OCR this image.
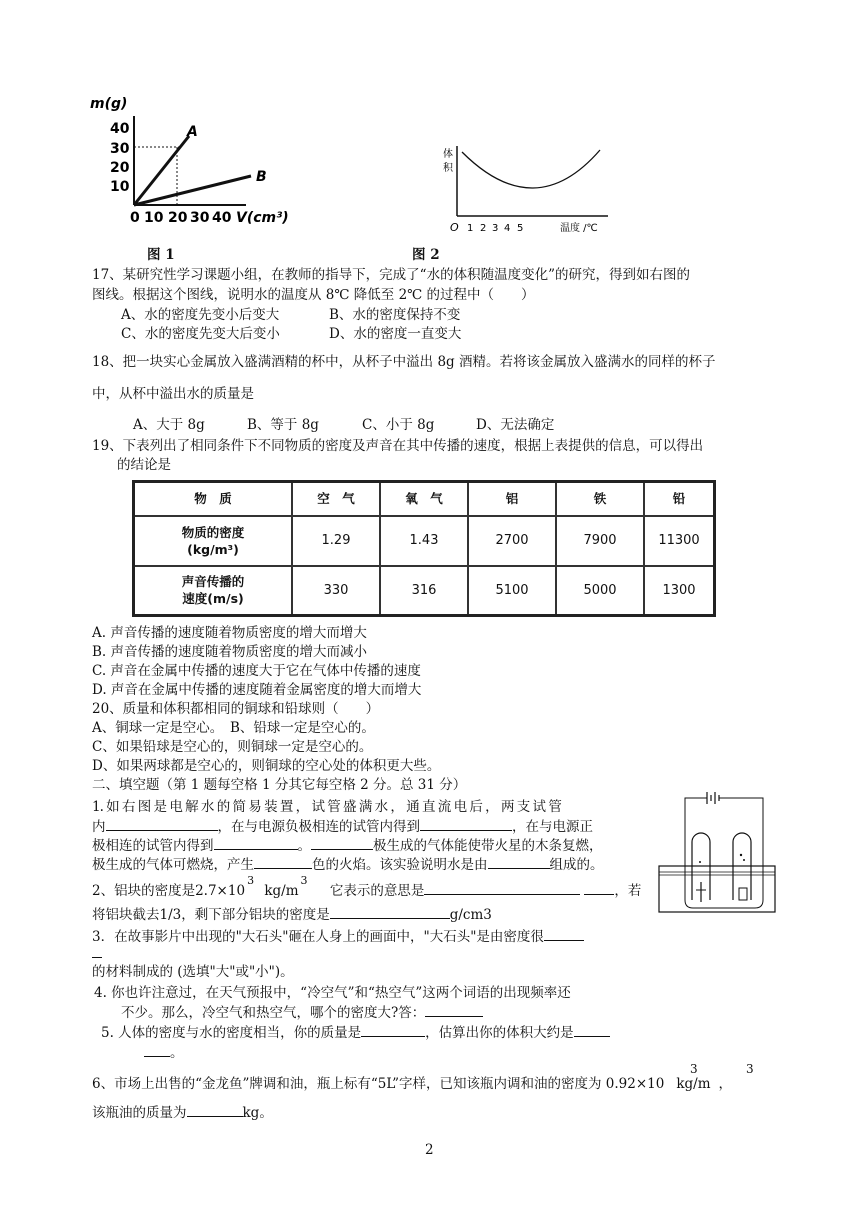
m(g)
40
30
20
10
A
B
0 10 20 30 40 V(cm³)
图 1
体
积
O 1 2 3 4 5	温度 /℃
图 2
17、某研究性学习课题小组，在教师的指导下，完成了“水的体积随温度变化”的研究，得到如右图的
图线。根据这个图线，说明水的温度从 8℃ 降低至 2℃ 的过程中（　　）
A、水的密度先变小后变大	B、水的密度保持不变
C、水的密度先变大后变小	D、水的密度一直变大
18、把一块实心金属放入盛满酒精的杯中，从杯子中溢出 8g 酒精。若将该金属放入盛满水的同样的杯子
中，从杯中溢出水的质量是
A、大于 8g	B、等于 8g	C、小于 8g	D、无法确定
19、下表列出了相同条件下不同物质的密度及声音在其中传播的速度，根据上表提供的信息，可以得出
的结论是
物　质	空　气	氧　气	铝	铁	铅

物质的密度
(kg/m³)	1.29	1.43	2700	7900	11300

声音传播的
速度(m/s)	330	316	5100	5000	1300
A. 声音传播的速度随着物质密度的增大而增大
B. 声音传播的速度随着物质密度的增大而减小
C. 声音在金属中传播的速度大于它在气体中传播的速度
D. 声音在金属中传播的速度随着金属密度的增大而增大
20、质量和体积都相同的铜球和铅球则（　　）
A、铜球一定是空心。　B、铅球一定是空心的。
C、如果铅球是空心的，则铜球一定是空心的。
D、如果两球都是空心的，则铜球的空心处的体积更大些。
二、填空题（第 1 题每空格 1 分其它每空格 2 分。总 31 分）
1. 如 右 图 是 电 解 水 的 简 易 装 置 ， 试 管 盛 满 水 ， 通 直 流 电 后 ， 两 支 试 管
内	，在与电源负极相连的试管内得到	，在与电源正
极相连的试管内得到	。	极生成的气体能使带火星的木条复燃，
极生成的气体可燃烧，产生	色的火焰。该实验说明水是由	组成的。
2、铝块的密度是$2.7\times 10^3$ $kg/m^3$ 它表示的意思是	，若
将铝块截去1/3，剩下部分铝块的密度是	g/cm3
3．在故事影片中出现的"大石头"砸在人身上的画面中，"大石头"是由密度很
的材料制成的 (选填"大"或"小")。
4. 你也许注意过，在天气预报中，“冷空气”和“热空气”这两个词语的出现频率还
不少。那么，冷空气和热空气，哪个的密度大?答：
5. 人体的密度与水的密度相当，你的质量是	，估算出你的体积大约是
。
3	3
6、市场上出售的“金龙鱼”牌调和油，瓶上标有“5L”字样，已知该瓶内调和油的密度为 0.92×10 kg/m ，
该瓶油的质量为	kg。
2
